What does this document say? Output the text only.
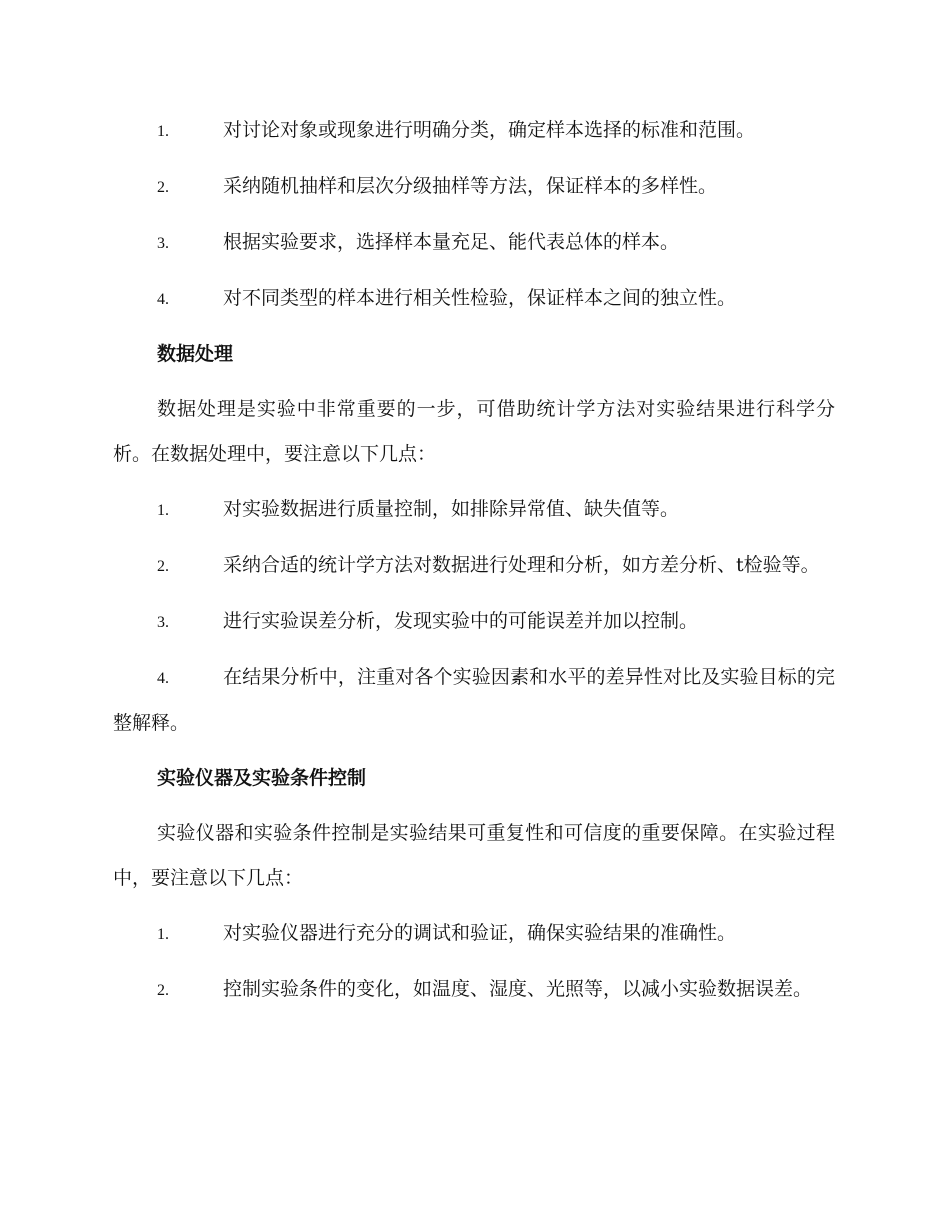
1.	对讨论对象或现象进行明确分类，确定样本选择的标准和范围。
2.	采纳随机抽样和层次分级抽样等方法，保证样本的多样性。
3.	根据实验要求，选择样本量充足、能代表总体的样本。
4.	对不同类型的样本进行相关性检验，保证样本之间的独立性。
数据处理
数据处理是实验中非常重要的一步，可借助统计学方法对实验结果进行科学分析。在数据处理中，要注意以下几点：
1.	对实验数据进行质量控制，如排除异常值、缺失值等。
2.	采纳合适的统计学方法对数据进行处理和分析，如方差分析、t检验等。
3.	进行实验误差分析，发现实验中的可能误差并加以控制。
4.	在结果分析中，注重对各个实验因素和水平的差异性对比及实验目标的完整解释。
实验仪器及实验条件控制
实验仪器和实验条件控制是实验结果可重复性和可信度的重要保障。在实验过程中，要注意以下几点：
1.	对实验仪器进行充分的调试和验证，确保实验结果的准确性。
2.	控制实验条件的变化，如温度、湿度、光照等，以减小实验数据误差。
